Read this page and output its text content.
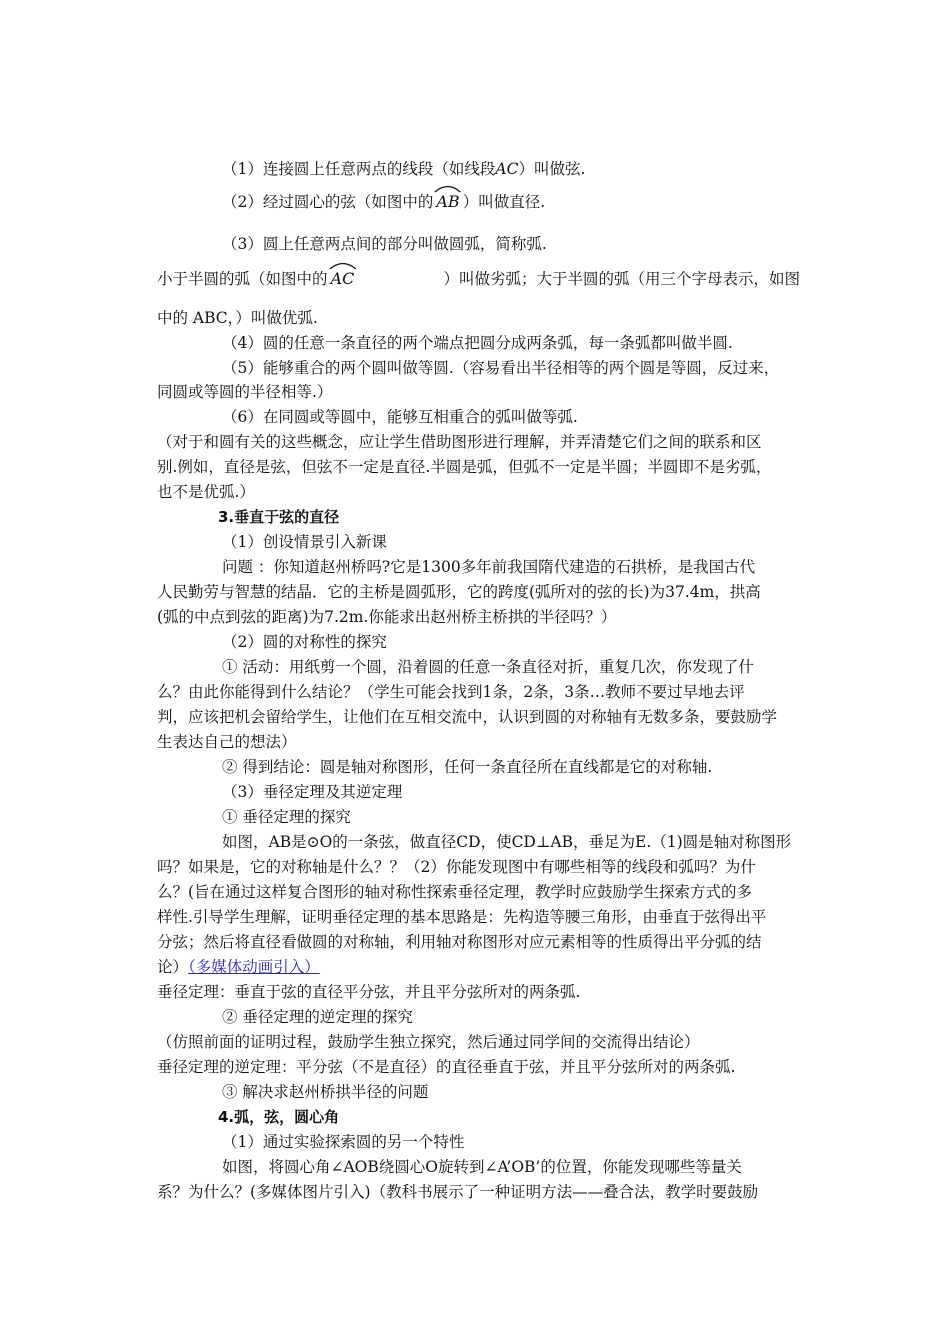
（1）连接圆上任意两点的线段（如线段AC）叫做弦.
（2）经过圆心的弦（如图中的 AB ）叫做直径.
（3）圆上任意两点间的部分叫做圆弧，简称弧.
小于半圆的弧（如图中的 AC	）叫做劣弧；大于半圆的弧（用三个字母表示，如图
中的 ABC，）叫做优弧.
（4）圆的任意一条直径的两个端点把圆分成两条弧，每一条弧都叫做半圆.
（5）能够重合的两个圆叫做等圆.（容易看出半径相等的两个圆是等圆，反过来，
同圆或等圆的半径相等.）
（6）在同圆或等圆中，能够互相重合的弧叫做等弧.
（对于和圆有关的这些概念，应让学生借助图形进行理解，并弄清楚它们之间的联系和区
别.例如，直径是弦，但弦不一定是直径.半圆是弧，但弧不一定是半圆；半圆即不是劣弧，
也不是优弧.）
3.垂直于弦的直径
（1）创设情景引入新课
问题 ：你知道赵州桥吗?它是1300多年前我国隋代建造的石拱桥，是我国古代
人民勤劳与智慧的结晶．它的主桥是圆弧形，它的跨度(弧所对的弦的长)为37.4m，拱高
(弧的中点到弦的距离)为7.2m.你能求出赵州桥主桥拱的半径吗？）
（2）圆的对称性的探究
① 活动：用纸剪一个圆，沿着圆的任意一条直径对折，重复几次，你发现了什
么？由此你能得到什么结论？（学生可能会找到1条，2条，3条…教师不要过早地去评
判，应该把机会留给学生，让他们在互相交流中，认识到圆的对称轴有无数多条，要鼓励学
生表达自己的想法）
② 得到结论：圆是轴对称图形，任何一条直径所在直线都是它的对称轴.
（3）垂径定理及其逆定理
① 垂径定理的探究
如图，AB是⊙O的一条弦，做直径CD，使CD⊥AB，垂足为E.（1)圆是轴对称图形
吗？如果是，它的对称轴是什么？？（2）你能发现图中有哪些相等的线段和弧吗？为什
么？(旨在通过这样复合图形的轴对称性探索垂径定理，教学时应鼓励学生探索方式的多
样性.引导学生理解，证明垂径定理的基本思路是：先构造等腰三角形，由垂直于弦得出平
分弦；然后将直径看做圆的对称轴，利用轴对称图形对应元素相等的性质得出平分弧的结
论）（多媒体动画引入）
垂径定理：垂直于弦的直径平分弦，并且平分弦所对的两条弧.
② 垂径定理的逆定理的探究
（仿照前面的证明过程，鼓励学生独立探究，然后通过同学间的交流得出结论）
垂径定理的逆定理：平分弦（不是直径）的直径垂直于弦，并且平分弦所对的两条弧.
③ 解决求赵州桥拱半径的问题
4.弧，弦，圆心角
（1）通过实验探索圆的另一个特性
如图，将圆心角∠AOB绕圆心O旋转到∠A’OB’的位置，你能发现哪些等量关
系？为什么？(多媒体图片引入)（教科书展示了一种证明方法——叠合法，教学时要鼓励
